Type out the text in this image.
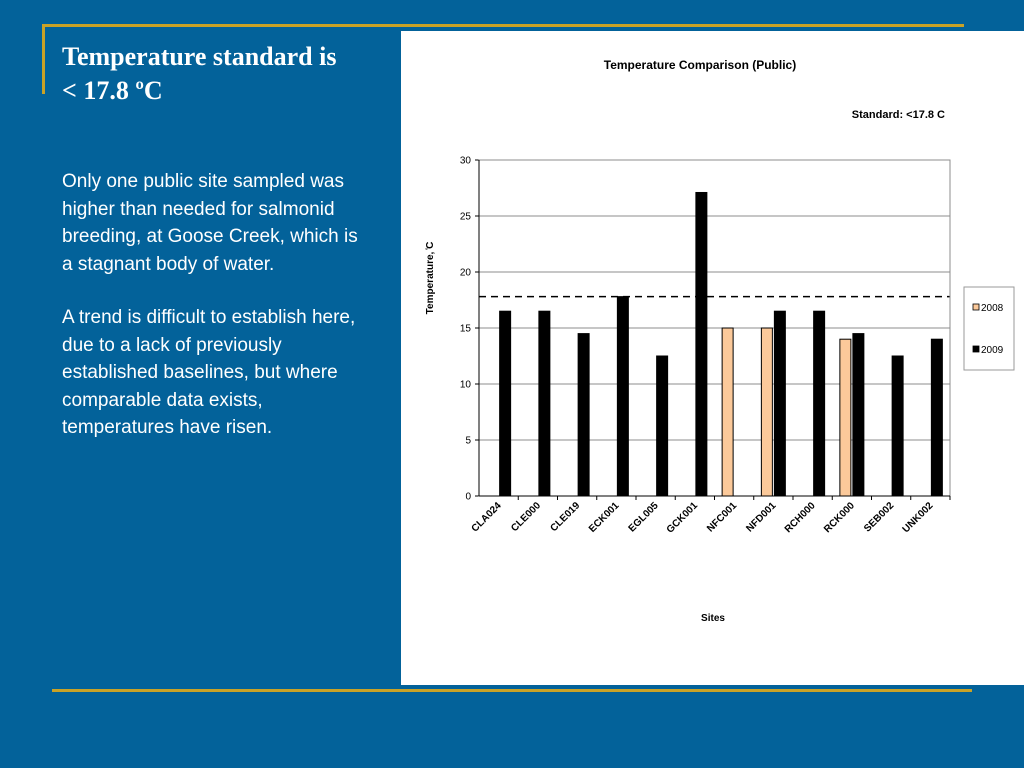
Temperature standard is
< 17.8 ºC

Only one public site sampled was higher than needed for salmonid breeding, at Goose Creek, which is a stagnant body of water.

A trend is difficult to establish here, due to a lack of previously established baselines, but where comparable data exists, temperatures have risen.

Temperature Comparison (Public)
Standard: <17.8 C
0
5
10
15
20
25
30
CLA024 CLE000 CLE019 ECK001 EGL005 GCK001 NFC001 NFD001 RCH000 RCK000 SEB002 UNK002
Temperature, ̊C
Sites
2008
2009
